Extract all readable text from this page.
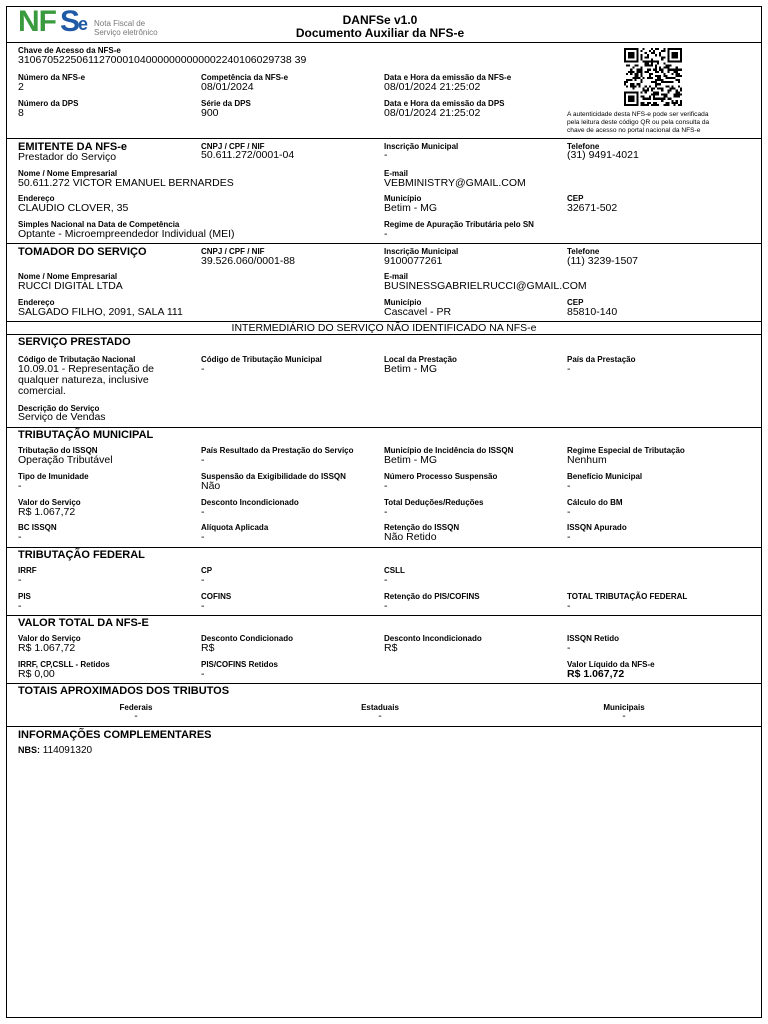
NF S
e Nota Fiscal de
Serviço eletrônico
DANFSe v1.0
Documento Auxiliar da NFS-e
Chave de Acesso da NFS-e
31067052250611270001040000000000002240106029738 39
Número da NFS-e
2
Competência da NFS-e
08/01/2024
Data e Hora da emissão da NFS-e
08/01/2024 21:25:02
Número da DPS
8
Série da DPS
900
Data e Hora da emissão da DPS
08/01/2024 21:25:02	A autenticidade desta NFS-e pode ser verificada
pela leitura deste código QR ou pela consulta da
chave de acesso no portal nacional da NFS-e
EMITENTE DA NFS-e
Prestador do Serviço
CNPJ / CPF / NIF
50.611.272/0001-04
Inscrição Municipal
-
Telefone
(31) 9491-4021
Nome / Nome Empresarial
50.611.272 VICTOR EMANUEL BERNARDES
E-mail
VEBMINISTRY@GMAIL.COM
Endereço
CLAUDIO CLOVER, 35
Município
Betim - MG
CEP
32671-502
Simples Nacional na Data de Competência
Optante - Microempreendedor Individual (MEI)
Regime de Apuração Tributária pelo SN
-
TOMADOR DO SERVIÇO	CNPJ / CPF / NIF
39.526.060/0001-88
Inscrição Municipal
9100077261
Telefone
(11) 3239-1507
Nome / Nome Empresarial
RUCCI DIGITAL LTDA
E-mail
BUSINESSGABRIELRUCCI@GMAIL.COM
Endereço
SALGADO FILHO, 2091, SALA 111
Município
Cascavel - PR
CEP
85810-140
INTERMEDIÁRIO DO SERVIÇO NÃO IDENTIFICADO NA NFS-e
SERVIÇO PRESTADO
Código de Tributação Nacional
10.09.01 - Representação de qualquer natureza, inclusive comercial.
Código de Tributação Municipal
-
Local da Prestação
Betim - MG
País da Prestação
-
Descrição do Serviço
Serviço de Vendas
TRIBUTAÇÃO MUNICIPAL
Tributação do ISSQN
Operação Tributável
País Resultado da Prestação do Serviço
-
Município de Incidência do ISSQN
Betim - MG
Regime Especial de Tributação
Nenhum
Tipo de Imunidade
-
Suspensão da Exigibilidade do ISSQN
Não
Número Processo Suspensão
-
Benefício Municipal
-
Valor do Serviço
R$ 1.067,72
Desconto Incondicionado
-
Total Deduções/Reduções
-
Cálculo do BM
-
BC ISSQN
-
Alíquota Aplicada
-
Retenção do ISSQN
Não Retido
ISSQN Apurado
-
TRIBUTAÇÃO FEDERAL
IRRF
-
CP
-
CSLL
-
PIS
-
COFINS
-
Retenção do PIS/COFINS
-
TOTAL TRIBUTAÇÃO FEDERAL
-
VALOR TOTAL DA NFS-E
Valor do Serviço
R$ 1.067,72
Desconto Condicionado
R$
Desconto Incondicionado
R$
ISSQN Retido
-
IRRF, CP,CSLL - Retidos
R$ 0,00
PIS/COFINS Retidos
-
Valor Líquido da NFS-e
R$ 1.067,72
TOTAIS APROXIMADOS DOS TRIBUTOS
Federais
-
Estaduais
-
Municipais
-
INFORMAÇÕES COMPLEMENTARES
NBS: 114091320
